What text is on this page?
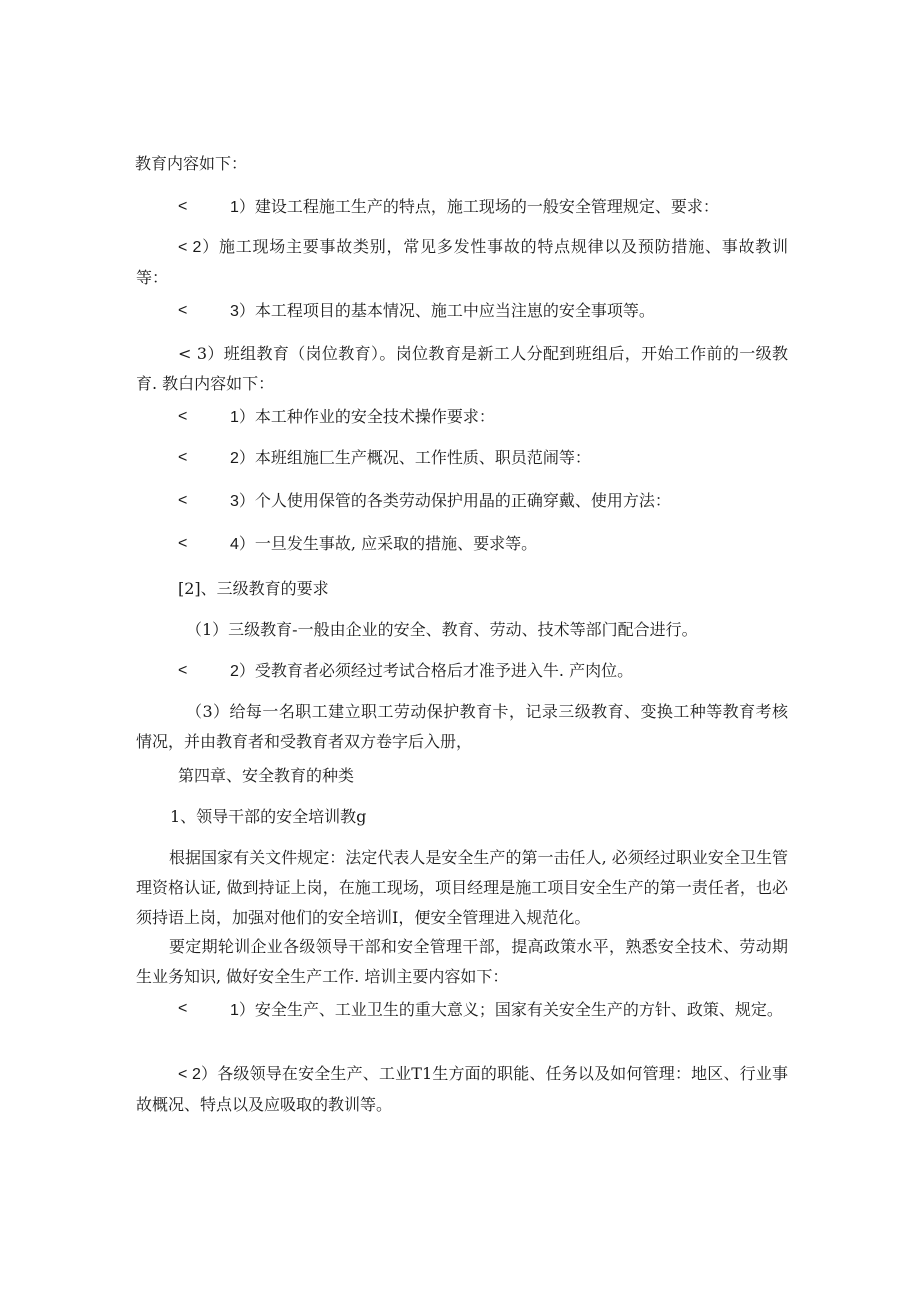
教育内容如下：
<	1）建设工程施工生产的特点，施工现场的一般安全管理规定、要求：
< 2）施工现场主要事故类别，常见多发性事故的特点规律以及预防措施、事故教训等：
<	3）本工程项目的基本情况、施工中应当注崽的安全事项等。
< 3）班组教育（岗位教育）。岗位教育是新工人分配到班组后，开始工作前的一级教育. 教白内容如下：
<	1）本工种作业的安全技术操作要求：
<	2）本班组施匚生产概况、工作性质、职员范闹等：
<	3）个人使用保管的各类劳动保护用晶的正确穿戴、使用方法：
<	4）一旦发生事故, 应采取的措施、要求等。
[2]、三级教育的要求
（1）三级教育-一般由企业的安全、教育、劳动、技术等部门配合进行。
<	2）受教育者必须经过考试合格后才准予进入牛. 产肉位。
（3）给每一名职工建立职工劳动保护教育卡，记录三级教育、变换工种等教育考核情况，并由教育者和受教育者双方卷字后入册，
第四章、安全教育的种类
1、领导干部的安全培训教g
根据国家有关文件规定：法定代表人是安全生产的第一击任人, 必须经过职业安全卫生管理资格认证, 做到持证上岗，在施工现场，项目经理是施工项目安全生产的第一责任者，也必须持语上岗，加强对他们的安全培训Ⅰ，便安全管理进入规范化。
要定期轮训企业各级领导干部和安全管理干部，提高政策水平，熟悉安全技术、劳动期生业务知识, 做好安全生产工作. 培训主要内容如下：
<	1）安全生产、工业卫生的重大意义；国家有关安全生产的方针、政策、规定。
< 2）各级领导在安全生产、工业T1生方面的职能、任务以及如何管理：地区、行业事故概况、特点以及应吸取的教训等。
